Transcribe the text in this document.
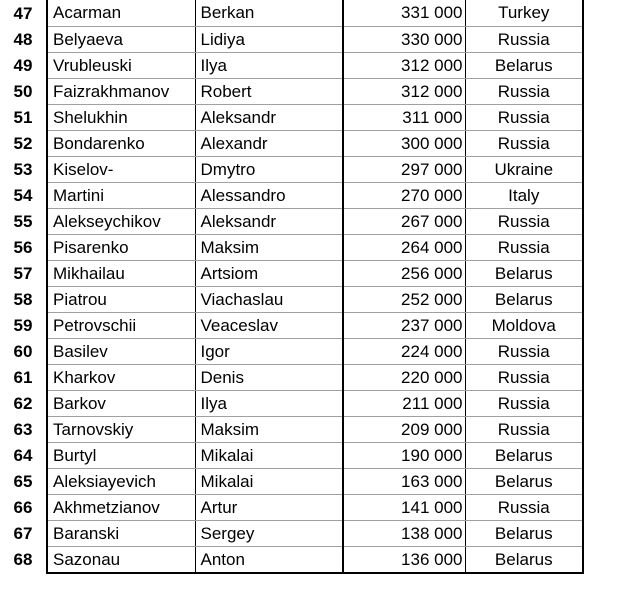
47	Acarman	Berkan	331 000	Turkey
48	Belyaeva	Lidiya	330 000	Russia
49	Vrubleuski	Ilya	312 000	Belarus
50	Faizrakhmanov	Robert	312 000	Russia
51	Shelukhin	Aleksandr	311 000	Russia
52	Bondarenko	Alexandr	300 000	Russia
53	Kiselov-	Dmytro	297 000	Ukraine
54	Martini	Alessandro	270 000	Italy
55	Alekseychikov	Aleksandr	267 000	Russia
56	Pisarenko	Maksim	264 000	Russia
57	Mikhailau	Artsiom	256 000	Belarus
58	Piatrou	Viachaslau	252 000	Belarus
59	Petrovschii	Veaceslav	237 000	Moldova
60	Basilev	Igor	224 000	Russia
61	Kharkov	Denis	220 000	Russia
62	Barkov	Ilya	211 000	Russia
63	Tarnovskiy	Maksim	209 000	Russia
64	Burtyl	Mikalai	190 000	Belarus
65	Aleksiayevich	Mikalai	163 000	Belarus
66	Akhmetzianov	Artur	141 000	Russia
67	Baranski	Sergey	138 000	Belarus
68	Sazonau	Anton	136 000	Belarus
